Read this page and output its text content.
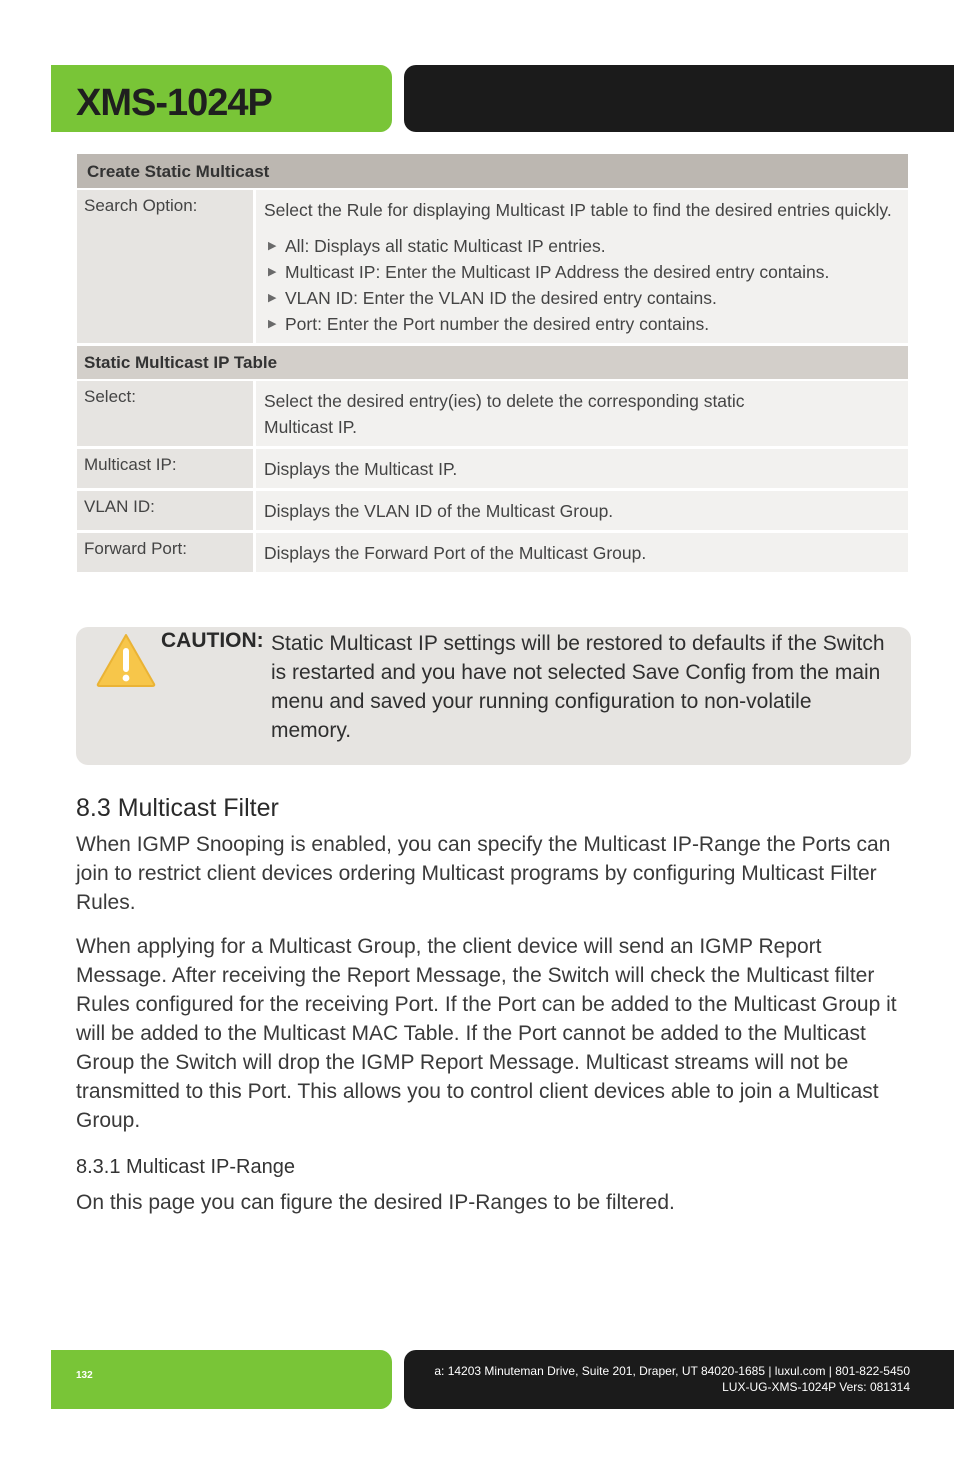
XMS-1024P
Create Static Multicast
Search Option:	Select the Rule for displaying Multicast IP table to find the desired entries quickly.

▶ All: Displays all static Multicast IP entries.
▶ Multicast IP: Enter the Multicast IP Address the desired entry contains.
▶ VLAN ID: Enter the VLAN ID the desired entry contains.
▶ Port: Enter the Port number the desired entry contains.
Static Multicast IP Table
Select:	Select the desired entry(ies) to delete the corresponding static Multicast IP.
Multicast IP:	Displays the Multicast IP.
VLAN ID:	Displays the VLAN ID of the Multicast Group.
Forward Port:	Displays the Forward Port of the Multicast Group.
CAUTION: Static Multicast IP settings will be restored to defaults if the Switch is restarted and you have not selected Save Config from the main menu and saved your running configuration to non-volatile memory.
8.3 Multicast Filter

When IGMP Snooping is enabled, you can specify the Multicast IP-Range the Ports can join to restrict client devices ordering Multicast programs by configuring Multicast Filter Rules.

When applying for a Multicast Group, the client device will send an IGMP Report Message. After receiving the Report Message, the Switch will check the Multicast filter Rules configured for the receiving Port. If the Port can be added to the Multicast Group it will be added to the Multicast MAC Table. If the Port cannot be added to the Multicast Group the Switch will drop the IGMP Report Message. Multicast streams will not be transmitted to this Port. This allows you to control client devices able to join a Multicast Group.

8.3.1 Multicast IP-Range

On this page you can figure the desired IP-Ranges to be filtered.

132	a: 14203 Minuteman Drive, Suite 201, Draper, UT 84020-1685 | luxul.com | 801-822-5450
LUX-UG-XMS-1024P Vers: 081314
